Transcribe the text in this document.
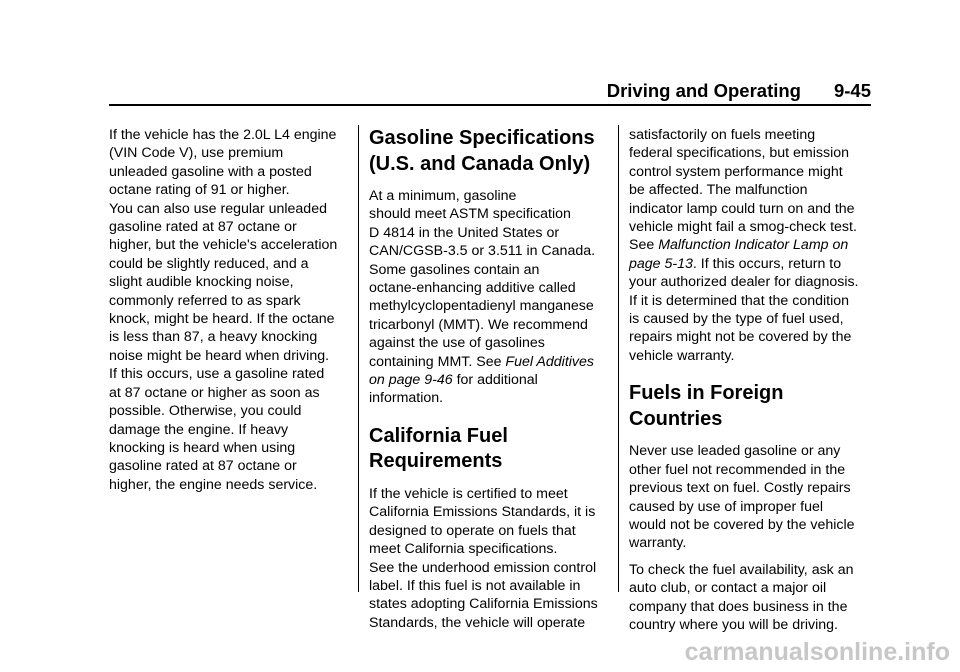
Driving and Operating 9-45

If the vehicle has the 2.0L L4 engine
(VIN Code V), use premium
unleaded gasoline with a posted
octane rating of 91 or higher.
You can also use regular unleaded
gasoline rated at 87 octane or
higher, but the vehicle's acceleration
could be slightly reduced, and a
slight audible knocking noise,
commonly referred to as spark
knock, might be heard. If the octane
is less than 87, a heavy knocking
noise might be heard when driving.
If this occurs, use a gasoline rated
at 87 octane or higher as soon as
possible. Otherwise, you could
damage the engine. If heavy
knocking is heard when using
gasoline rated at 87 octane or
higher, the engine needs service.

Gasoline Specifications
(U.S. and Canada Only)

At a minimum, gasoline
should meet ASTM specification
D 4814 in the United States or
CAN/CGSB-3.5 or 3.511 in Canada.
Some gasolines contain an
octane-enhancing additive called
methylcyclopentadienyl manganese
tricarbonyl (MMT). We recommend
against the use of gasolines
containing MMT. See Fuel Additives
on page 9-46 for additional
information.

California Fuel
Requirements

If the vehicle is certified to meet
California Emissions Standards, it is
designed to operate on fuels that
meet California specifications.
See the underhood emission control
label. If this fuel is not available in
states adopting California Emissions
Standards, the vehicle will operate

satisfactorily on fuels meeting
federal specifications, but emission
control system performance might
be affected. The malfunction
indicator lamp could turn on and the
vehicle might fail a smog-check test.
See Malfunction Indicator Lamp on
page 5-13. If this occurs, return to
your authorized dealer for diagnosis.
If it is determined that the condition
is caused by the type of fuel used,
repairs might not be covered by the
vehicle warranty.

Fuels in Foreign
Countries

Never use leaded gasoline or any
other fuel not recommended in the
previous text on fuel. Costly repairs
caused by use of improper fuel
would not be covered by the vehicle
warranty.

To check the fuel availability, ask an
auto club, or contact a major oil
company that does business in the
country where you will be driving.

carmanualsonline.info
